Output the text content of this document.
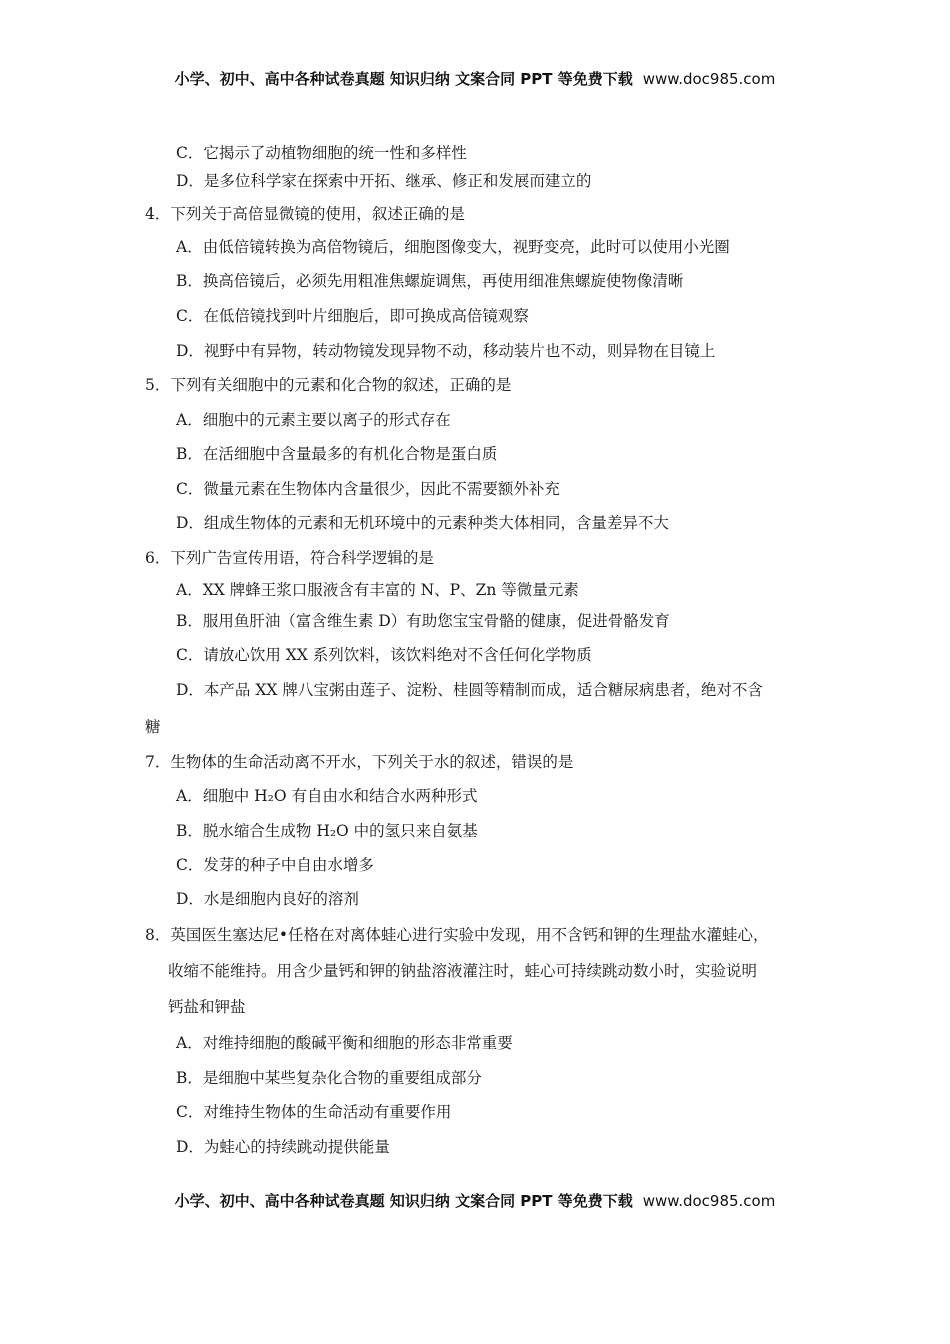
小学、初中、高中各种试卷真题 知识归纳 文案合同 PPT 等免费下载 www.doc985.com
C．它揭示了动植物细胞的统一性和多样性
D．是多位科学家在探索中开拓、继承、修正和发展而建立的
4．下列关于高倍显微镜的使用，叙述正确的是
A．由低倍镜转换为高倍物镜后，细胞图像变大，视野变亮，此时可以使用小光圈
B．换高倍镜后，必须先用粗准焦螺旋调焦，再使用细准焦螺旋使物像清晰
C．在低倍镜找到叶片细胞后，即可换成高倍镜观察
D．视野中有异物，转动物镜发现异物不动，移动装片也不动，则异物在目镜上
5．下列有关细胞中的元素和化合物的叙述，正确的是
A．细胞中的元素主要以离子的形式存在
B．在活细胞中含量最多的有机化合物是蛋白质
C．微量元素在生物体内含量很少，因此不需要额外补充
D．组成生物体的元素和无机环境中的元素种类大体相同，含量差异不大
6．下列广告宣传用语，符合科学逻辑的是
A．XX 牌蜂王浆口服液含有丰富的 N、P、Zn 等微量元素
B．服用鱼肝油（富含维生素 D）有助您宝宝骨骼的健康，促进骨骼发育
C．请放心饮用 XX 系列饮料，该饮料绝对不含任何化学物质
D．本产品 XX 牌八宝粥由莲子、淀粉、桂圆等精制而成，适合糖尿病患者，绝对不含
糖
7．生物体的生命活动离不开水，下列关于水的叙述，错误的是
A．细胞中 H₂O 有自由水和结合水两种形式
B．脱水缩合生成物 H₂O 中的氢只来自氨基
C．发芽的种子中自由水增多
D．水是细胞内良好的溶剂
8．英国医生塞达尼•任格在对离体蛙心进行实验中发现，用不含钙和钾的生理盐水灌蛙心，
收缩不能维持。用含少量钙和钾的钠盐溶液灌注时，蛙心可持续跳动数小时，实验说明
钙盐和钾盐
A．对维持细胞的酸碱平衡和细胞的形态非常重要
B．是细胞中某些复杂化合物的重要组成部分
C．对维持生物体的生命活动有重要作用
D．为蛙心的持续跳动提供能量
小学、初中、高中各种试卷真题 知识归纳 文案合同 PPT 等免费下载 www.doc985.com
